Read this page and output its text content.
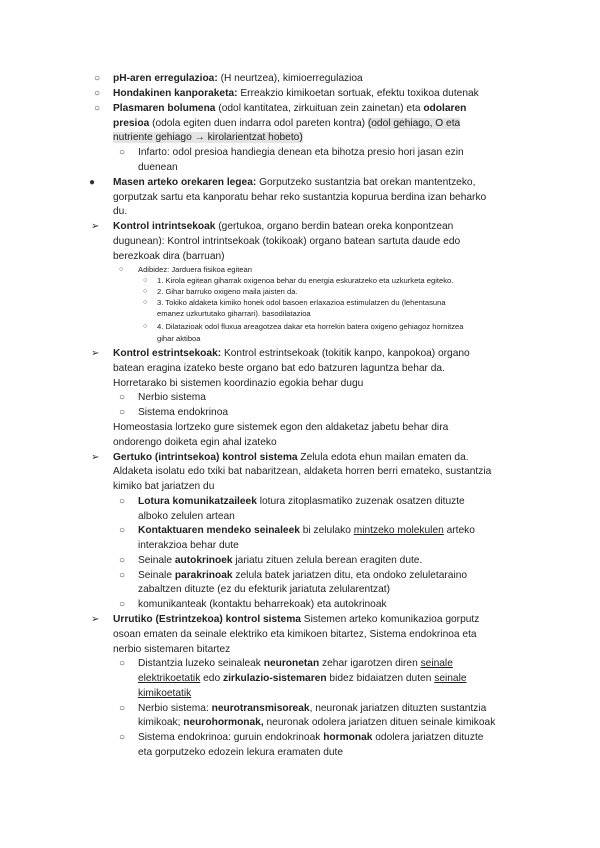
○ pH-aren erregulazioa: (H neurtzea), kimioerregulazioa
○ Hondakinen kanporaketa: Erreakzio kimikoetan sortuak, efektu toxikoa dutenak
○ Plasmaren bolumena (odol kantitatea, zirkuituan zein zainetan) eta odolaren
presioa (odola egiten duen indarra odol pareten kontra) (odol gehiago, O eta
nutriente gehiago → kirolarientzat hobeto)
○ Infarto: odol presioa handiegia denean eta bihotza presio hori jasan ezin
duenean
● Masen arteko orekaren legea: Gorputzeko sustantzia bat orekan mantentzeko,
gorputzak sartu eta kanporatu behar reko sustantzia kopurua berdina izan beharko
du.
➢ Kontrol intrintsekoak (gertukoa, organo berdin batean oreka konpontzean
dugunean): Kontrol intrintsekoak (tokikoak) organo batean sartuta daude edo
berezkoak dira (barruan)
○ Adibidez: Jarduera fisikoa egitean
○ 1. Kirola egitean giharrak oxigenoa behar du energia eskuratzeko eta uzkurketa egiteko.
○ 2. Gihar barruko oxigeno maila jaisten da.
○ 3. Tokiko aldaketa kimiko honek odol basoen erlaxazioa estimulatzen du (lehentasuna
emanez uzkurtutako giharrari). basodilatazioa
○ 4. Dilatazioak odol fluxua areagotzea dakar eta horrekin batera oxigeno gehiagoz hornitzea
gihar aktiboa
➢ Kontrol estrintsekoak: Kontrol estrintsekoak (tokitik kanpo, kanpokoa) organo
batean eragina izateko beste organo bat edo batzuren laguntza behar da.
Horretarako bi sistemen koordinazio egokia behar dugu
○ Nerbio sistema
○ Sistema endokrinoa
Homeostasia lortzeko gure sistemek egon den aldaketaz jabetu behar dira
ondorengo doiketa egin ahal izateko
➢ Gertuko (intrintsekoa) kontrol sistema Zelula edota ehun mailan ematen da.
Aldaketa isolatu edo txiki bat nabaritzean, aldaketa horren berri emateko, sustantzia
kimiko bat jariatzen du
○ Lotura komunikatzaileek lotura zitoplasmatiko zuzenak osatzen dituzte
alboko zelulen artean
○ Kontaktuaren mendeko seinaleek bi zelulako mintzeko molekulen arteko
interakzioa behar dute
○ Seinale autokrinoek jariatu zituen zelula berean eragiten dute.
○ Seinale parakrinoak zelula batek jariatzen ditu, eta ondoko zeluletaraino
zabaltzen dituzte (ez du efekturik jariatuta zelularentzat)
○ komunikanteak (kontaktu beharrekoak) eta autokrinoak
➢ Urrutiko (Estrintzekoa) kontrol sistema Sistemen arteko komunikazioa gorputz
osoan ematen da seinale elektriko eta kimikoen bitartez, Sistema endokrinoa eta
nerbio sistemaren bitartez
○ Distantzia luzeko seinaleak neuronetan zehar igarotzen diren seinale
elektrikoetatik edo zirkulazio-sistemaren bidez bidaiatzen duten seinale
kimikoetatik
○ Nerbio sistema: neurotransmisoreak, neuronak jariatzen dituzten sustantzia
kimikoak; neurohormonak, neuronak odolera jariatzen dituen seinale kimikoak
○ Sistema endokrinoa: guruin endokrinoak hormonak odolera jariatzen dituzte
eta gorputzeko edozein lekura eramaten dute
